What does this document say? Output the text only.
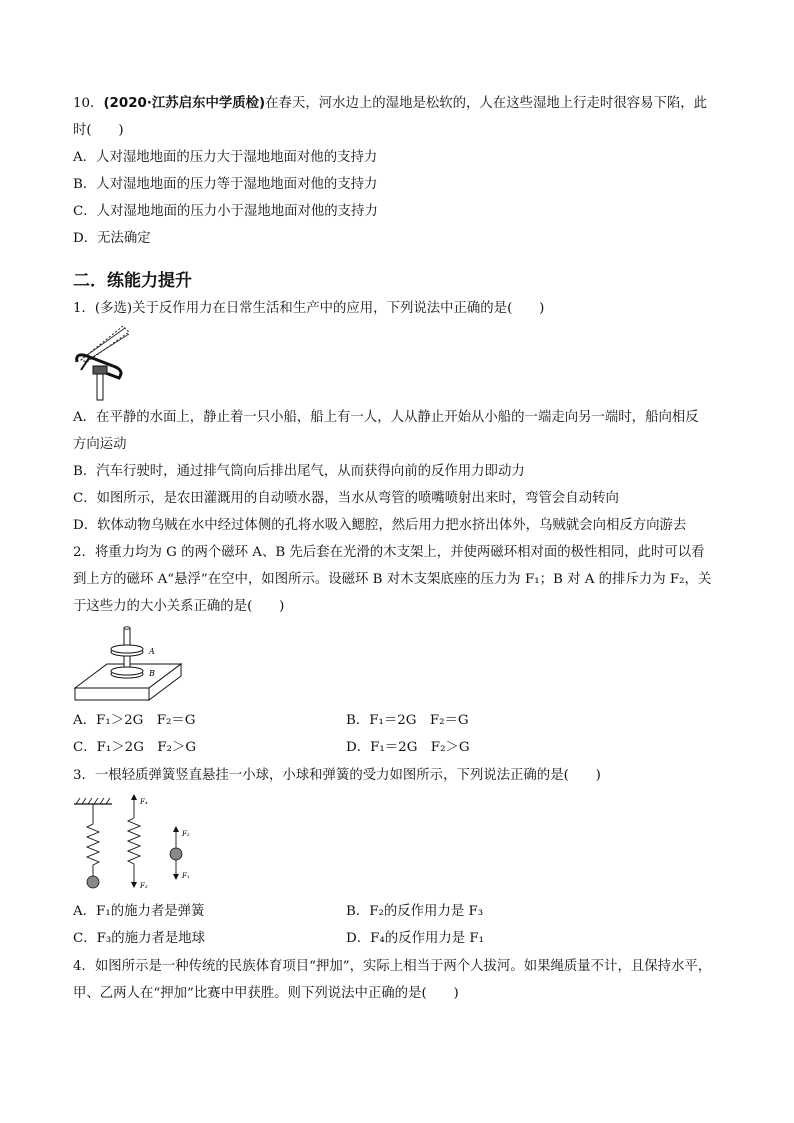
10．(2020·江苏启东中学质检)在春天，河水边上的湿地是松软的，人在这些湿地上行走时很容易下陷，此
时(　　)
A．人对湿地地面的压力大于湿地地面对他的支持力
B．人对湿地地面的压力等于湿地地面对他的支持力
C．人对湿地地面的压力小于湿地地面对他的支持力
D．无法确定
二．练能力提升
1．(多选)关于反作用力在日常生活和生产中的应用，下列说法中正确的是(　　)
A．在平静的水面上，静止着一只小船，船上有一人，人从静止开始从小船的一端走向另一端时，船向相反
方向运动
B．汽车行驶时，通过排气筒向后排出尾气，从而获得向前的反作用力即动力
C．如图所示，是农田灌溉用的自动喷水器，当水从弯管的喷嘴喷射出来时，弯管会自动转向
D．软体动物乌贼在水中经过体侧的孔将水吸入鳃腔，然后用力把水挤出体外，乌贼就会向相反方向游去
2．将重力均为 G 的两个磁环 A、B 先后套在光滑的木支架上，并使两磁环相对面的极性相同，此时可以看
到上方的磁环 A“悬浮”在空中，如图所示。设磁环 B 对木支架底座的压力为 F₁；B 对 A 的排斥力为 F₂，关
于这些力的大小关系正确的是(　　)
A
B
A．F₁＞2G　F₂＝G	B．F₁＝2G　F₂＝G
C．F₁＞2G　F₂＞G	D．F₁＝2G　F₂＞G
3．一根轻质弹簧竖直悬挂一小球，小球和弹簧的受力如图所示，下列说法正确的是(　　)
F₄
F₃
F₂
F₁
A．F₁的施力者是弹簧	B．F₂的反作用力是 F₃
C．F₃的施力者是地球	D．F₄的反作用力是 F₁
4．如图所示是一种传统的民族体育项目“押加”，实际上相当于两个人拔河。如果绳质量不计，且保持水平，
甲、乙两人在“押加”比赛中甲获胜。则下列说法中正确的是(　　)
